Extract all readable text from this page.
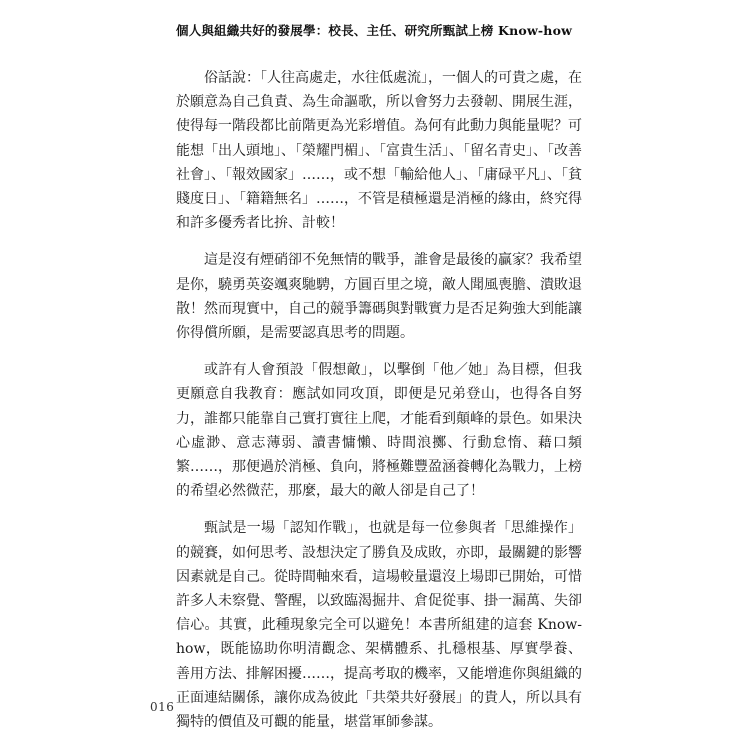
個人與組織共好的發展學：校長、主任、研究所甄試上榜 Know-how

俗話說：「人往高處走，水往低處流」，一個人的可貴之處，在於願意為自己負責、為生命謳歌，所以會努力去發韌、開展生涯，使得每一階段都比前階更為光彩增值。為何有此動力與能量呢？可能想「出人頭地」、「榮耀門楣」、「富貴生活」、「留名青史」、「改善社會」、「報效國家」……，或不想「輸給他人」、「庸碌平凡」、「貧賤度日」、「籍籍無名」……，不管是積極還是消極的緣由，終究得和許多優秀者比拚、計較！

這是沒有煙硝卻不免無情的戰爭，誰會是最後的贏家？我希望是你，驍勇英姿颯爽馳騁，方圓百里之境，敵人聞風喪膽、潰敗退散！然而現實中，自己的競爭籌碼與對戰實力是否足夠強大到能讓你得償所願，是需要認真思考的問題。

或許有人會預設「假想敵」，以擊倒「他／她」為目標，但我更願意自我教育：應試如同攻頂，即便是兄弟登山，也得各自努力，誰都只能靠自己實打實往上爬，才能看到顛峰的景色。如果決心虛渺、意志薄弱、讀書慵懶、時間浪擲、行動怠惰、藉口頻繁……，那便過於消極、負向，將極難豐盈涵養轉化為戰力，上榜的希望必然微茫，那麼，最大的敵人卻是自己了！

甄試是一場「認知作戰」，也就是每一位參與者「思維操作」的競賽，如何思考、設想決定了勝負及成敗，亦即，最關鍵的影響因素就是自己。從時間軸來看，這場較量還沒上場即已開始，可惜許多人未察覺、警醒，以致臨渴掘井、倉促從事、掛一漏萬、失卻信心。其實，此種現象完全可以避免！本書所組建的這套 Know-how，既能協助你明清觀念、架構體系、扎穩根基、厚實學養、善用方法、排解困擾……，提高考取的機率，又能增進你與組織的正面連結關係，讓你成為彼此「共榮共好發展」的貴人，所以具有獨特的價值及可觀的能量，堪當軍師參謀。

016
